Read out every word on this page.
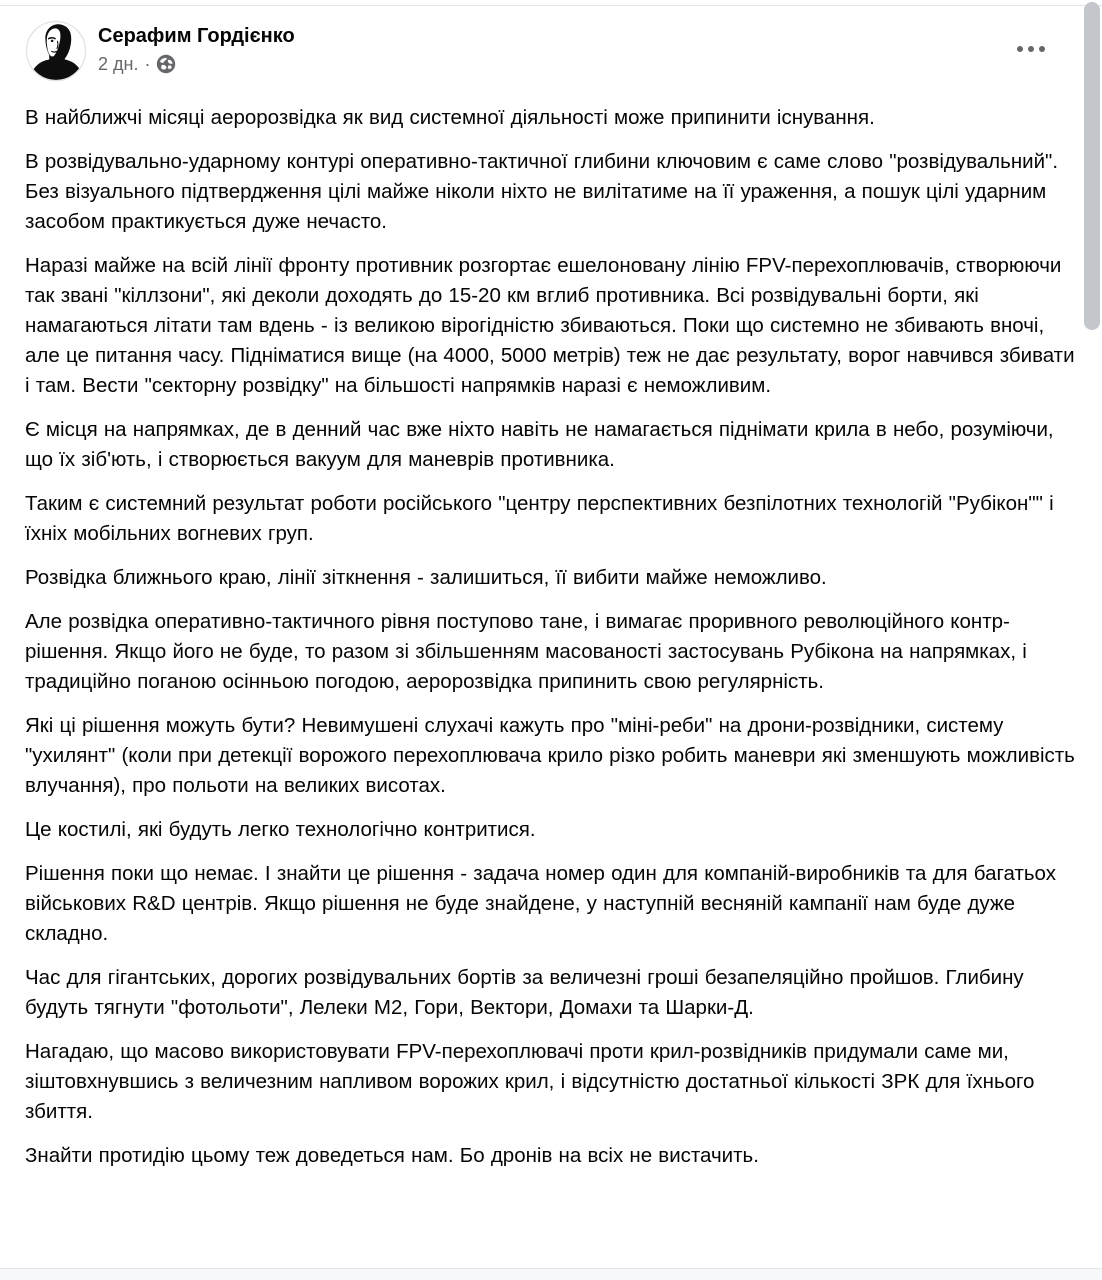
Серафим Гордієнко
2 дн. ·

В найближчі місяці аеророзвідка як вид системної діяльності може припинити існування.

В розвідувально-ударному контурі оперативно-тактичної глибини ключовим є саме слово "розвідувальний". Без візуального підтвердження цілі майже ніколи ніхто не вилітатиме на її ураження, а пошук цілі ударним засобом практикується дуже нечасто.

Наразі майже на всій лінії фронту противник розгортає ешелоновану лінію FPV-перехоплювачів, створюючи так звані "кіллзони", які деколи доходять до 15-20 км вглиб противника. Всі розвідувальні борти, які намагаються літати там вдень - із великою вірогідністю збиваються. Поки що системно не збивають вночі, але це питання часу. Підніматися вище (на 4000, 5000 метрів) теж не дає результату, ворог навчився збивати і там. Вести "секторну розвідку" на більшості напрямків наразі є неможливим.

Є місця на напрямках, де в денний час вже ніхто навіть не намагається піднімати крила в небо, розуміючи, що їх зіб'ють, і створюється вакуум для маневрів противника.

Таким є системний результат роботи російського "центру перспективних безпілотних технологій "Рубікон"" і їхніх мобільних вогневих груп.

Розвідка ближнього краю, лінії зіткнення - залишиться, її вибити майже неможливо.

Але розвідка оперативно-тактичного рівня поступово тане, і вимагає проривного революційного контр-рішення. Якщо його не буде, то разом зі збільшенням масованості застосувань Рубікона на напрямках, і традиційно поганою осінньою погодою, аеророзвідка припинить свою регулярність.

Які ці рішення можуть бути? Невимушені слухачі кажуть про "міні-реби" на дрони-розвідники, систему "ухилянт" (коли при детекції ворожого перехоплювача крило різко робить маневри які зменшують можливість влучання), про польоти на великих висотах.

Це костилі, які будуть легко технологічно контритися.

Рішення поки що немає. І знайти це рішення - задача номер один для компаній-виробників та для багатьох військових R&D центрів. Якщо рішення не буде знайдене, у наступній весняній кампанії нам буде дуже складно.

Час для гігантських, дорогих розвідувальних бортів за величезні гроші безапеляційно пройшов. Глибину будуть тягнути "фотольоти", Лелеки М2, Гори, Вектори, Домахи та Шарки-Д.

Нагадаю, що масово використовувати FPV-перехоплювачі проти крил-розвідників придумали саме ми, зіштовхнувшись з величезним напливом ворожих крил, і відсутністю достатньої кількості ЗРК для їхнього збиття.

Знайти протидію цьому теж доведеться нам. Бо дронів на всіх не вистачить.
